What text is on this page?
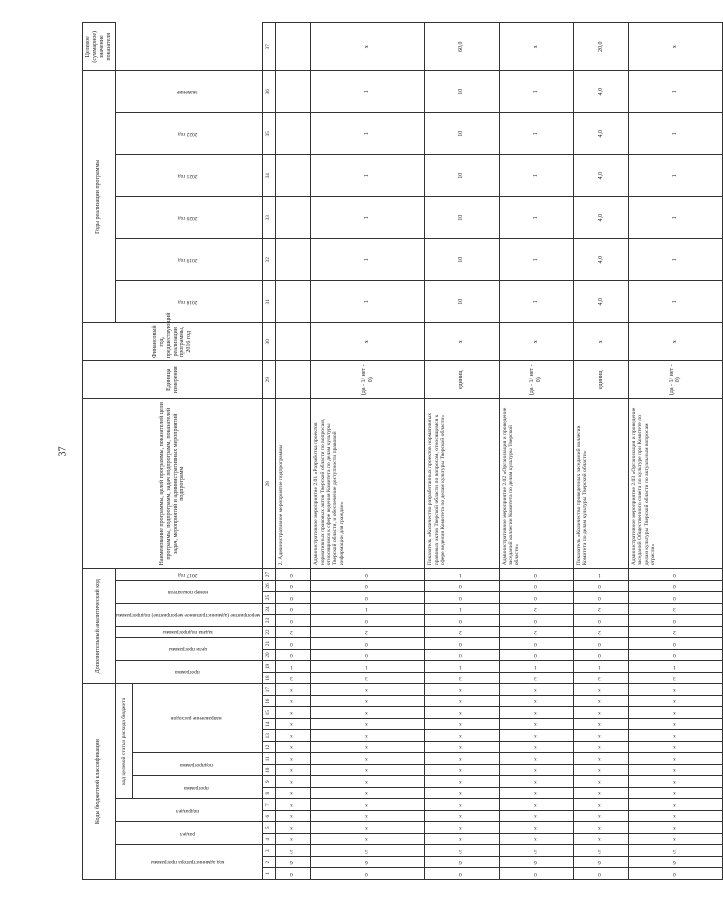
37
Коды бюджетной классификации																	Дополнительный аналитический код										Наименование программы, целей программы, показателей цели программы, подпрограмм, задач подпрограмм, показателей задач, мероприятий и административных мероприятий подпрограмм	Единица измерения	Финансовый год, предшествующий реализации программы, 2016 год	Годы реализации программы						Целевое (суммарное) значение показателя
код администратора программы			раздел		подраздел		код целевой статьи расхода бюджета										программа		цели программы		задача подпрограммы	мероприятие (административное мероприятие) подпрограммы		номер показателя		2017 год				2018 год	2019 год	2020 год	2021 год	2022 год	значение	
							программа		подпрограмма		направление расходов																									
1	2	3	4	5	6	7	8	9	10	11	12	13	14	15	16	17	18	19	20	21	22	23	24	25	26	27	28	29	30	31	32	33	34	35	36	37
0	6	5	х	х	х	х	х	х	х	х	х	х	х	х	х	х	3	1	0	0	2	0	0	0	0	0	2. Административное мероприятие подпрограммы									
0	6	5	х	х	х	х	х	х	х	х	х	х	х	х	х	х	3	1	0	0	2	0	1	0	0	0	Административное мероприятие 2.01 «Разработка проектов нормативных правовых актов Тверской области по вопросам, относящимся к сфере ведения Комитета по делам культуры Тверской области, и обеспечение доступности правовой информации для граждан»	(да - 1/ нет - 0)	х	1	1	1	1	1	1	х
0	6	5	х	х	х	х	х	х	х	х	х	х	х	х	х	х	3	1	0	0	2	0	1	0	0	1	Показатель «Количество разработанных проектов нормативных правовых актов Тверской области по вопросам, относящимся к сфере ведения Комитета по делам культуры Тверской области»	единиц	х	10	10	10	10	10	10	60,0
0	6	5	х	х	х	х	х	х	х	х	х	х	х	х	х	х	3	1	0	0	2	0	2	0	0	0	Административное мероприятие 2.02 «Организация и проведение заседаний коллегии Комитета по делам культуры Тверской области»	(да - 1/ нет - 0)	х	1	1	1	1	1	1	х
0	6	5	х	х	х	х	х	х	х	х	х	х	х	х	х	х	3	1	0	0	2	0	2	0	0	1	Показатель «Количество проведенных заседаний коллегии Комитета по делам культуры Тверской области»	единиц	х	4,0	4,0	4,0	4,0	4,0	4,0	20,0
0	6	5	х	х	х	х	х	х	х	х	х	х	х	х	х	х	3	1	0	0	2	0	3	0	0	0	Административное мероприятие 2.03 «Организация и проведение заседаний Общественного совета по культуре при Комитете по делам культуры Тверской области по актуальным вопросам отрасли»	(да - 1/ нет - 0)	х	1	1	1	1	1	1	х
